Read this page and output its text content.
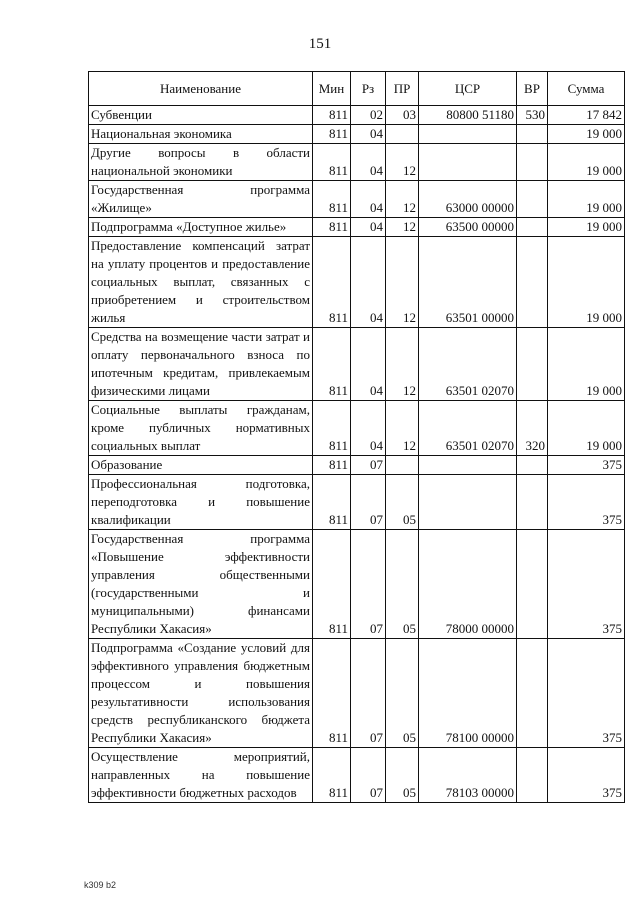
151
Наименование	Мин	Рз	ПР	ЦСР	ВР	Сумма
Субвенции	811	02	03	80800 51180	530	17 842
Национальная экономика	811	04				19 000
Другие вопросы в области национальной экономики	811	04	12			19 000
Государственная программа «Жилище»	811	04	12	63000 00000		19 000
Подпрограмма «Доступное жилье»	811	04	12	63500 00000		19 000
Предоставление компенсаций затрат на уплату процентов и предоставление социальных выплат, связанных с приобретением и строительством жилья	811	04	12	63501 00000		19 000
Средства на возмещение части затрат и оплату первоначального взноса по ипотечным кредитам, привлекаемым физическими лицами	811	04	12	63501 02070		19 000
Социальные выплаты гражданам, кроме публичных нормативных социальных выплат	811	04	12	63501 02070	320	19 000
Образование	811	07				375
Профессиональная подготовка, переподготовка и повышение квалификации	811	07	05			375
Государственная программа «Повышение эффективности управления общественными (государственными и муниципальными) финансами Республики Хакасия»	811	07	05	78000 00000		375
Подпрограмма «Создание условий для эффективного управления бюджетным процессом и повышения результативности использования средств республиканского бюджета Республики Хакасия»	811	07	05	78100 00000		375
Осуществление мероприятий, направленных на повышение эффективности бюджетных расходов	811	07	05	78103 00000		375
k309 b2
